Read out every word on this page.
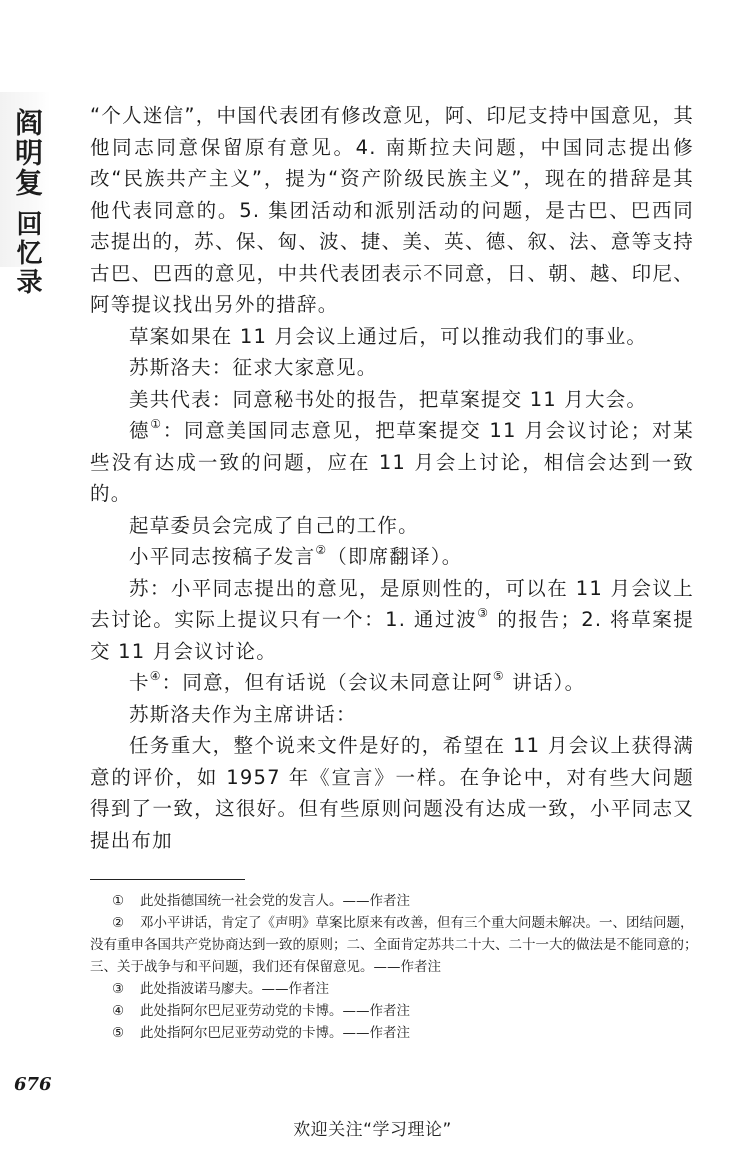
阎明复
回忆录

“个人迷信”，中国代表团有修改意见，阿、印尼支持中国意见，其他同志同意保留原有意见。4. 南斯拉夫问题，中国同志提出修改“民族共产主义”，提为“资产阶级民族主义”，现在的措辞是其他代表同意的。5. 集团活动和派别活动的问题，是古巴、巴西同志提出的，苏、保、匈、波、捷、美、英、德、叙、法、意等支持古巴、巴西的意见，中共代表团表示不同意，日、朝、越、印尼、阿等提议找出另外的措辞。

草案如果在 11 月会议上通过后，可以推动我们的事业。

苏斯洛夫：征求大家意见。

美共代表：同意秘书处的报告，把草案提交 11 月大会。

德①：同意美国同志意见，把草案提交 11 月会议讨论；对某些没有达成一致的问题，应在 11 月会上讨论，相信会达到一致的。

起草委员会完成了自己的工作。

小平同志按稿子发言②（即席翻译）。

苏：小平同志提出的意见，是原则性的，可以在 11 月会议上去讨论。实际上提议只有一个：1. 通过波③ 的报告；2. 将草案提交 11 月会议讨论。

卡④：同意，但有话说（会议未同意让阿⑤ 讲话）。

苏斯洛夫作为主席讲话：

任务重大，整个说来文件是好的，希望在 11 月会议上获得满意的评价，如 1957 年《宣言》一样。在争论中，对有些大问题得到了一致，这很好。但有些原则问题没有达成一致，小平同志又提出布加

① 此处指德国统一社会党的发言人。——作者注

② 邓小平讲话，肯定了《声明》草案比原来有改善，但有三个重大问题未解决。一、团结问题，没有重申各国共产党协商达到一致的原则；二、全面肯定苏共二十大、二十一大的做法是不能同意的；三、关于战争与和平问题，我们还有保留意见。——作者注

③ 此处指波诺马廖夫。——作者注

④ 此处指阿尔巴尼亚劳动党的卡博。——作者注

⑤ 此处指阿尔巴尼亚劳动党的卡博。——作者注

676
欢迎关注“学习理论”
